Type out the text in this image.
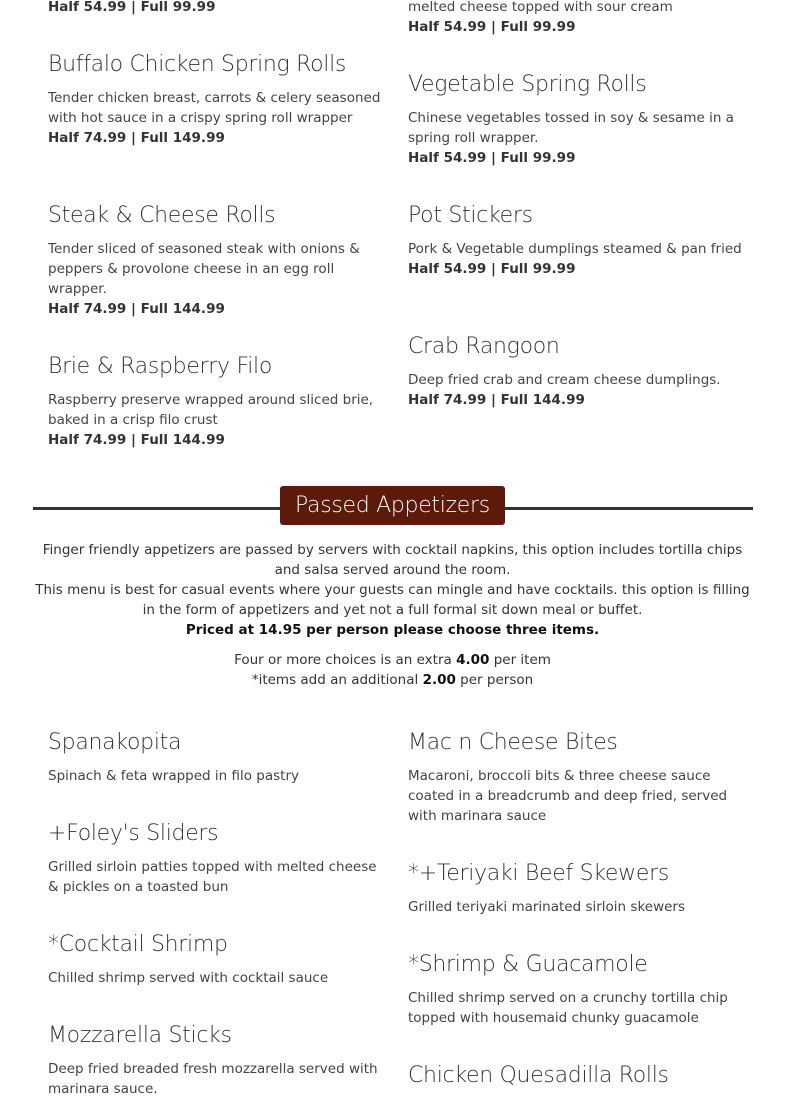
Half 54.99 | Full 99.99	melted cheese topped with sour cream
Half 54.99 | Full 99.99
Buffalo Chicken Spring Rolls
Tender chicken breast, carrots & celery seasoned with hot sauce in a crispy spring roll wrapper
Half 74.99 | Full 149.99
Steak & Cheese Rolls
Tender sliced of seasoned steak with onions & peppers & provolone cheese in an egg roll wrapper.
Half 74.99 | Full 144.99
Brie & Raspberry Filo
Raspberry preserve wrapped around sliced brie, baked in a crisp filo crust
Half 74.99 | Full 144.99
Vegetable Spring Rolls
Chinese vegetables tossed in soy & sesame in a spring roll wrapper.
Half 54.99 | Full 99.99
Pot Stickers
Pork & Vegetable dumplings steamed & pan fried
Half 54.99 | Full 99.99
Crab Rangoon
Deep fried crab and cream cheese dumplings.
Half 74.99 | Full 144.99
Passed Appetizers

Finger friendly appetizers are passed by servers with cocktail napkins, this option includes tortilla chips and salsa served around the room.

This menu is best for casual events where your guests can mingle and have cocktails. this option is filling in the form of appetizers and yet not a full formal sit down meal or buffet.

Priced at 14.95 per person please choose three items.

Four or more choices is an extra 4.00 per item

*items add an additional 2.00 per person

Spanakopita
Spinach & feta wrapped in filo pastry
+Foley's Sliders
Grilled sirloin patties topped with melted cheese & pickles on a toasted bun
*Cocktail Shrimp
Chilled shrimp served with cocktail sauce
Mozzarella Sticks
Deep fried breaded fresh mozzarella served with marinara sauce.
Mac n Cheese Bites
Macaroni, broccoli bits & three cheese sauce coated in a breadcrumb and deep fried, served with marinara sauce
*+Teriyaki Beef Skewers
Grilled teriyaki marinated sirloin skewers
*Shrimp & Guacamole
Chilled shrimp served on a crunchy tortilla chip topped with housemaid chunky guacamole
Chicken Quesadilla Rolls
